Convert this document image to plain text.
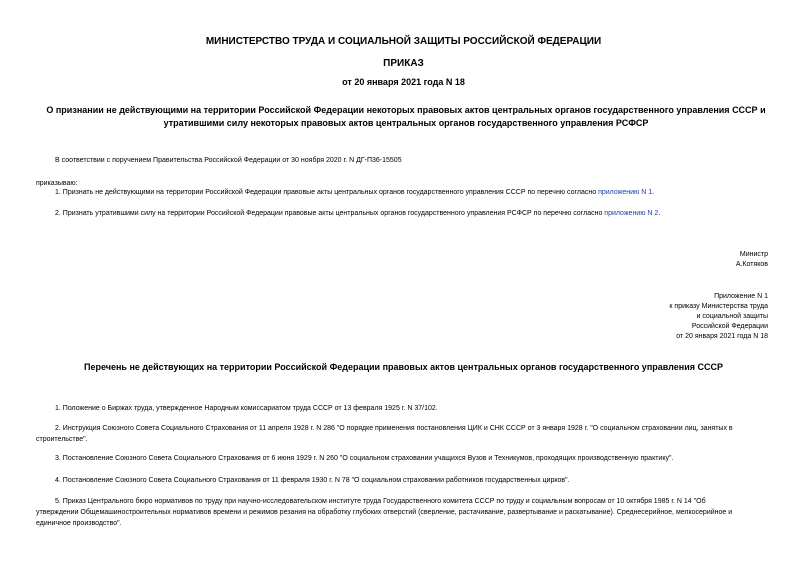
МИНИСТЕРСТВО ТРУДА И СОЦИАЛЬНОЙ ЗАЩИТЫ РОССИЙСКОЙ ФЕДЕРАЦИИ
ПРИКАЗ
от 20 января 2021 года N 18
О признании не действующими на территории Российской Федерации некоторых правовых актов центральных органов государственного управления СССР и утратившими силу некоторых правовых актов центральных органов государственного управления РСФСР
В соответствии с поручением Правительства Российской Федерации от 30 ноября 2020 г. N ДГ-П36-15505
приказываю:
1. Признать не действующими на территории Российской Федерации правовые акты центральных органов государственного управления СССР по перечню согласно приложению N 1.
2. Признать утратившими силу на территории Российской Федерации правовые акты центральных органов государственного управления РСФСР по перечню согласно приложению N 2.
Министр
А.Котяков
Приложение N 1
к приказу Министерства труда
и социальной защиты
Российской Федерации
от 20 января 2021 года N 18
Перечень не действующих на территории Российской Федерации правовых актов центральных органов государственного управления СССР
1. Положение о Биржах труда, утвержденное Народным комиссариатом труда СССР от 13 февраля 1925 г. N 37/102.
2. Инструкция Союзного Совета Социального Страхования от 11 апреля 1928 г. N 286 "О порядке применения постановления ЦИК и СНК СССР от 3 января 1928 г. "О социальном страховании лиц, занятых в
строительстве".
3. Постановление Союзного Совета Социального Страхования от 6 июня 1929 г. N 260 "О социальном страховании учащихся Вузов и Техникумов, проходящих производственную практику".
4. Постановление Союзного Совета Социального Страхования от 11 февраля 1930 г. N 78 "О социальном страховании работников государственных цирков".
5. Приказ Центрального бюро нормативов по труду при научно-исследовательском институте труда Государственного комитета СССР по труду и социальным вопросам от 10 октября 1985 г. N 14 "Об
утверждении Общемашиностроительных нормативов времени и режимов резания на обработку глубоких отверстий (сверление, растачивание, развертывание и раскатывание). Среднесерийное, мелкосерийное и
единичное производство".
